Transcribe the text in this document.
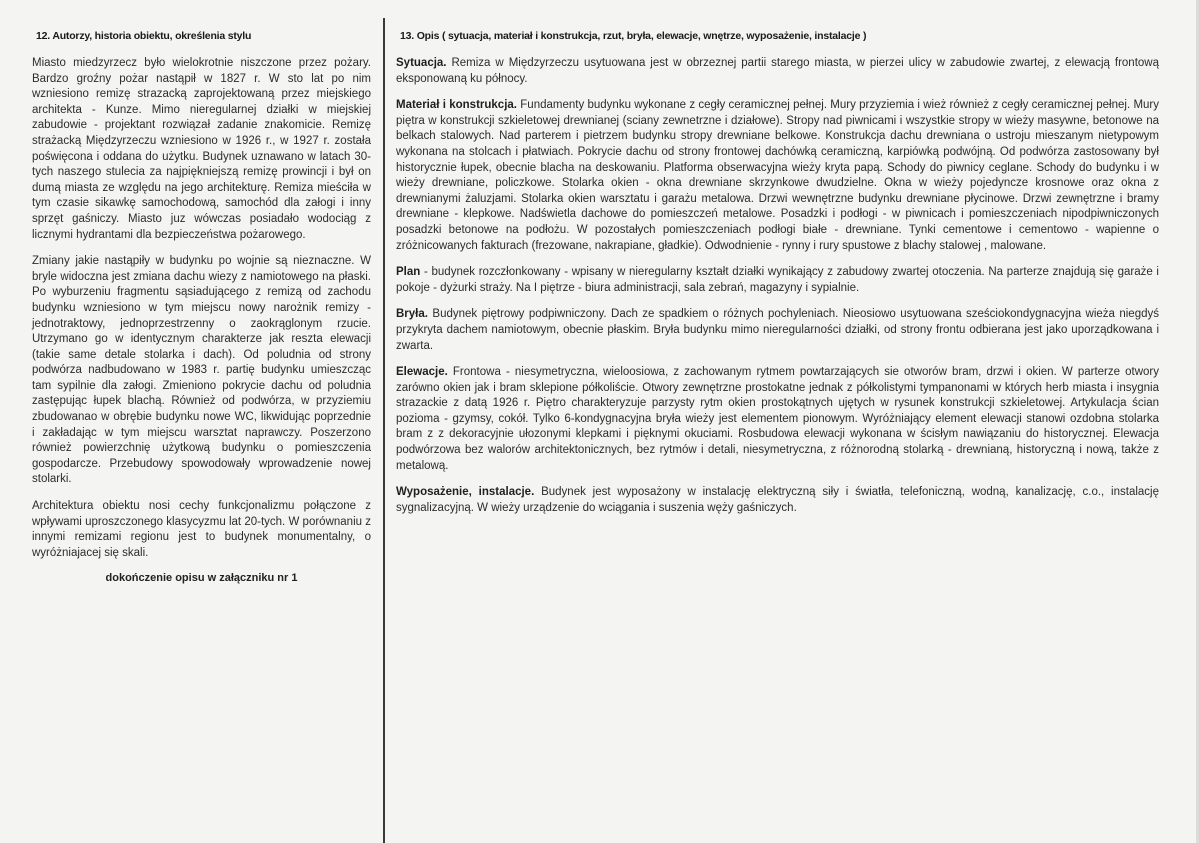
12. Autorzy, historia obiektu, określenia stylu

Miasto miedzyrzecz było wielokrotnie niszczone przez pożary. Bardzo groźny pożar nastąpił w 1827 r. W sto lat po nim wzniesiono remizę strazacką zaprojektowaną przez miejskiego architekta - Kunze. Mimo nieregularnej działki w miejskiej zabudowie - projektant rozwiązał zadanie znakomicie. Remizę strażacką Międzyrzeczu wzniesiono w 1926 r., w 1927 r. została poświęcona i oddana do użytku. Budynek uznawano w latach 30-tych naszego stulecia za najpiękniejszą remizę prowincji i był on dumą miasta ze względu na jego architekturę. Remiza mieściła w tym czasie sikawkę samochodową, samochód dla załogi i inny sprzęt gaśniczy. Miasto juz wówczas posiadało wodociąg z licznymi hydrantami dla bezpieczeństwa pożarowego.

Zmiany jakie nastąpiły w budynku po wojnie są nieznaczne. W bryle widoczna jest zmiana dachu wiezy z namiotowego na płaski. Po wyburzeniu fragmentu sąsiadującego z remizą od zachodu budynku wzniesiono w tym miejscu nowy narożnik remizy - jednotraktowy, jednoprzestrzenny o zaokrąglonym rzucie. Utrzymano go w identycznym charakterze jak reszta elewacji (takie same detale stolarka i dach). Od poludnia od strony podwórza nadbudowano w 1983 r. partię budynku umieszcząc tam sypilnie dla załogi. Zmieniono pokrycie dachu od poludnia zastępując łupek blachą. Również od podwórza, w przyziemiu zbudowanao w obrębie budynku nowe WC, likwidując poprzednie i zakładając w tym miejscu warsztat naprawczy. Poszerzono również powierzchnię użytkową budynku o pomieszczenia gospodarcze. Przebudowy spowodowały wprowadzenie nowej stolarki.

Architektura obiektu nosi cechy funkcjonalizmu połączone z wpływami uproszczonego klasycyzmu lat 20-tych. W porównaniu z innymi remizami regionu jest to budynek monumentalny, o wyróżniajacej się skali.

dokończenie opisu w załączniku nr 1
13. Opis ( sytuacja, materiał i konstrukcja, rzut, bryła, elewacje, wnętrze, wyposażenie, instalacje )

Sytuacja. Remiza w Międzyrzeczu usytuowana jest w obrzeznej partii starego miasta, w pierzei ulicy w zabudowie zwartej, z elewacją frontową eksponowaną ku północy.

Materiał i konstrukcja. Fundamenty budynku wykonane z cegły ceramicznej pełnej. Mury przyziemia i wież również z cegły ceramicznej pełnej. Mury piętra w konstrukcji szkieletowej drewnianej (sciany zewnetrzne i działowe). Stropy nad piwnicami i wszystkie stropy w wieży masywne, betonowe na belkach stalowych. Nad parterem i pietrzem budynku stropy drewniane belkowe. Konstrukcja dachu drewniana o ustroju mieszanym nietypowym wykonana na stolcach i płatwiach. Pokrycie dachu od strony frontowej dachówką ceramiczną, karpiówką podwójną. Od podwórza zastosowany był historycznie łupek, obecnie blacha na deskowaniu. Platforma obserwacyjna wieży kryta papą. Schody do piwnicy ceglane. Schody do budynku i w wieży drewniane, policzkowe. Stolarka okien - okna drewniane skrzynkowe dwudzielne. Okna w wieży pojedyncze krosnowe oraz okna z drewnianymi żaluzjami. Stolarka okien warsztatu i garażu metalowa. Drzwi wewnętrzne budynku drewniane płycinowe. Drzwi zewnętrzne i bramy drewniane - klepkowe. Nadświetla dachowe do pomieszczeń metalowe. Posadzki i podłogi - w piwnicach i pomieszczeniach nipodpiwniczonych posadzki betonowe na podłożu. W pozostałych pomieszczeniach podłogi białe - drewniane. Tynki cementowe i cementowo - wapienne o zróżnicowanych fakturach (frezowane, nakrapiane, gładkie). Odwodnienie - rynny i rury spustowe z blachy stalowej , malowane.

Plan - budynek rozczłonkowany - wpisany w nieregularny kształt działki wynikający z zabudowy zwartej otoczenia. Na parterze znajdują się garaże i pokoje - dyżurki straży. Na I piętrze - biura administracji, sala zebrań, magazyny i sypialnie.

Bryła. Budynek piętrowy podpiwniczony. Dach ze spadkiem o różnych pochyleniach. Nieosiowo usytuowana sześciokondygnacyjna wieża niegdyś przykryta dachem namiotowym, obecnie płaskim. Bryła budynku mimo nieregularności działki, od strony frontu odbierana jest jako uporządkowana i zwarta.

Elewacje. Frontowa - niesymetryczna, wieloosiowa, z zachowanym rytmem powtarzających sie otworów bram, drzwi i okien. W parterze otwory zarówno okien jak i bram sklepione półkoliście. Otwory zewnętrzne prostokatne jednak z półkolistymi tympanonami w których herb miasta i insygnia strazackie z datą 1926 r. Piętro charakteryzuje parzysty rytm okien prostokątnych ujętych w rysunek konstrukcji szkieletowej. Artykulacja ścian pozioma - gzymsy, cokół. Tylko 6-kondygnacyjna bryła wieży jest elementem pionowym. Wyróżniający element elewacji stanowi ozdobna stolarka bram z z dekoracyjnie ułozonymi klepkami i pięknymi okuciami. Rosbudowa elewacji wykonana w ścisłym nawiązaniu do historycznej. Elewacja podwórzowa bez walorów architektonicznych, bez rytmów i detali, niesymetryczna, z różnorodną stolarką - drewnianą, historyczną i nową, także z metalową.

Wyposażenie, instalacje. Budynek jest wyposażony w instalację elektryczną siły i światła, telefoniczną, wodną, kanalizację, c.o., instalację sygnalizacyjną. W wieży urządzenie do wciągania i suszenia węży gaśniczych.
